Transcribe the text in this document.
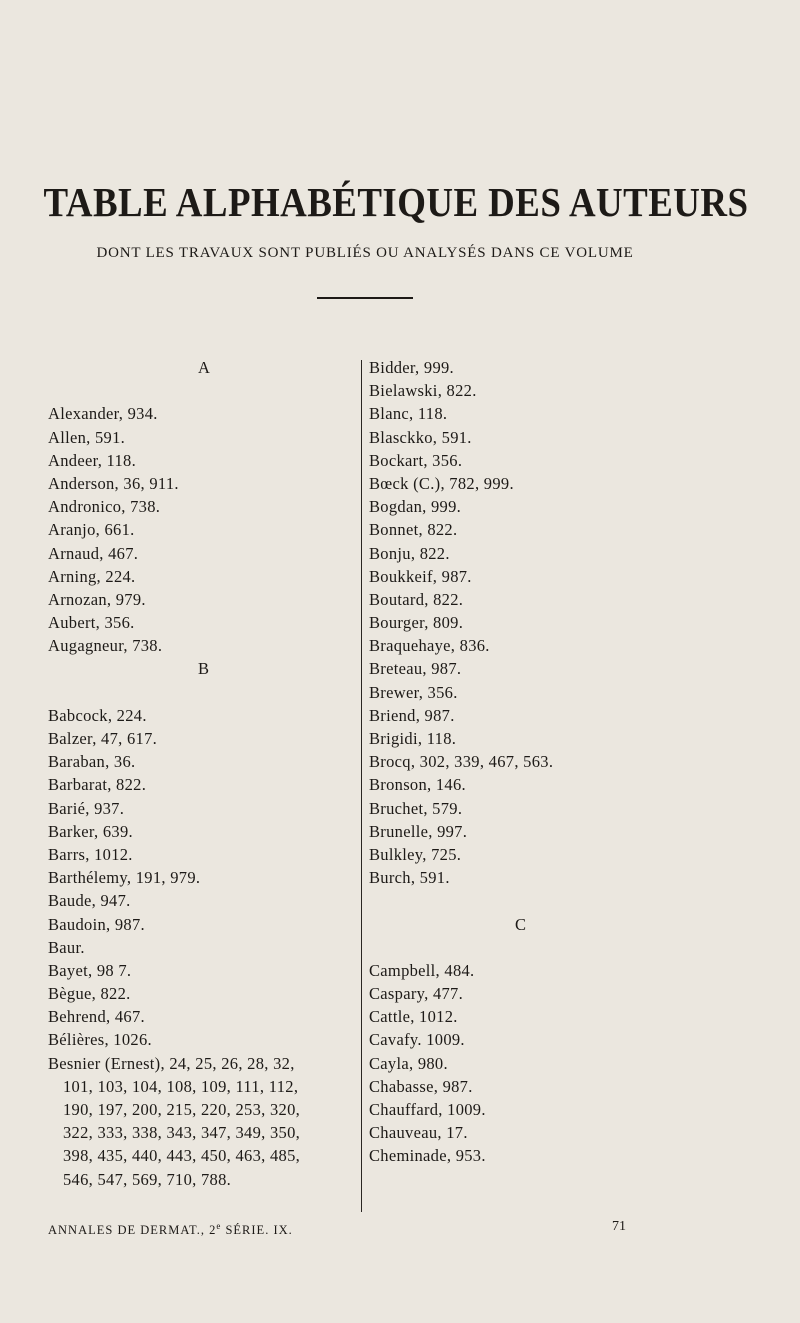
TABLE ALPHABÉTIQUE DES AUTEURS
DONT LES TRAVAUX SONT PUBLIÉS OU ANALYSÉS DANS CE VOLUME
A
Alexander, 934.
Allen, 591.
Andeer, 118.
Anderson, 36, 911.
Andronico, 738.
Aranjo, 661.
Arnaud, 467.
Arning, 224.
Arnozan, 979.
Aubert, 356.
Augagneur, 738.
B
Babcock, 224.
Balzer, 47, 617.
Baraban, 36.
Barbarat, 822.
Barié, 937.
Barker, 639.
Barrs, 1012.
Barthélemy, 191, 979.
Baude, 947.
Baudoin, 987.
Baur.
Bayet, 98 7.
Bègue, 822.
Behrend, 467.
Bélières, 1026.
Besnier (Ernest), 24, 25, 26, 28, 32,
101, 103, 104, 108, 109, 111, 112,
190, 197, 200, 215, 220, 253, 320,
322, 333, 338, 343, 347, 349, 350,
398, 435, 440, 443, 450, 463, 485,
546, 547, 569, 710, 788.
Bidder, 999.
Bielawski, 822.
Blanc, 118.
Blasckko, 591.
Bockart, 356.
Bœck (C.), 782, 999.
Bogdan, 999.
Bonnet, 822.
Bonju, 822.
Boukkeif, 987.
Boutard, 822.
Bourger, 809.
Braquehaye, 836.
Breteau, 987.
Brewer, 356.
Briend, 987.
Brigidi, 118.
Brocq, 302, 339, 467, 563.
Bronson, 146.
Bruchet, 579.
Brunelle, 997.
Bulkley, 725.
Burch, 591.
C
Campbell, 484.
Caspary, 477.
Cattle, 1012.
Cavafy. 1009.
Cayla, 980.
Chabasse, 987.
Chauffard, 1009.
Chauveau, 17.
Cheminade, 953.
ANNALES DE DERMAT., 2e SÉRIE. IX.	71
